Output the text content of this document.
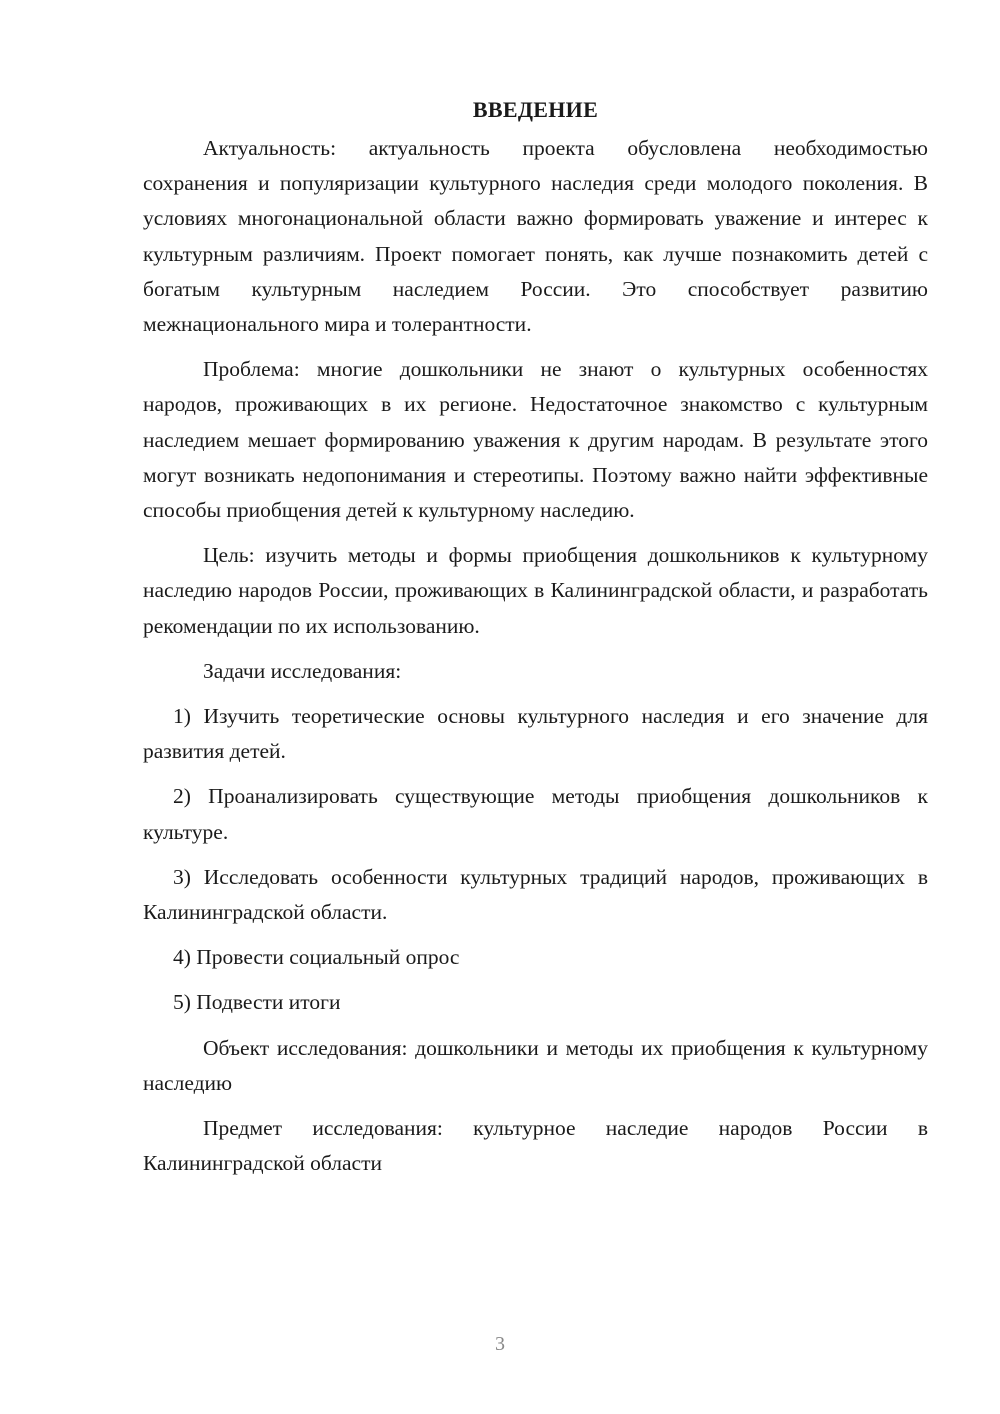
ВВЕДЕНИЕ

Актуальность: актуальность проекта обусловлена необходимостью сохранения и популяризации культурного наследия среди молодого поколения. В условиях многонациональной области важно формировать уважение и интерес к культурным различиям. Проект помогает понять, как лучше познакомить детей с богатым культурным наследием России. Это способствует развитию межнационального мира и толерантности.

Проблема: многие дошкольники не знают о культурных особенностях народов, проживающих в их регионе. Недостаточное знакомство с культурным наследием мешает формированию уважения к другим народам. В результате этого могут возникать недопонимания и стереотипы. Поэтому важно найти эффективные способы приобщения детей к культурному наследию.

Цель: изучить методы и формы приобщения дошкольников к культурному наследию народов России, проживающих в Калининградской области, и разработать рекомендации по их использованию.

Задачи исследования:

1) Изучить теоретические основы культурного наследия и его значение для развития детей.

2) Проанализировать существующие методы приобщения дошкольников к культуре.

3) Исследовать особенности культурных традиций народов, проживающих в Калининградской области.

4) Провести социальный опрос

5) Подвести итоги

Объект исследования: дошкольники и методы их приобщения к культурному наследию

Предмет исследования: культурное наследие народов России в Калининградской области

3
